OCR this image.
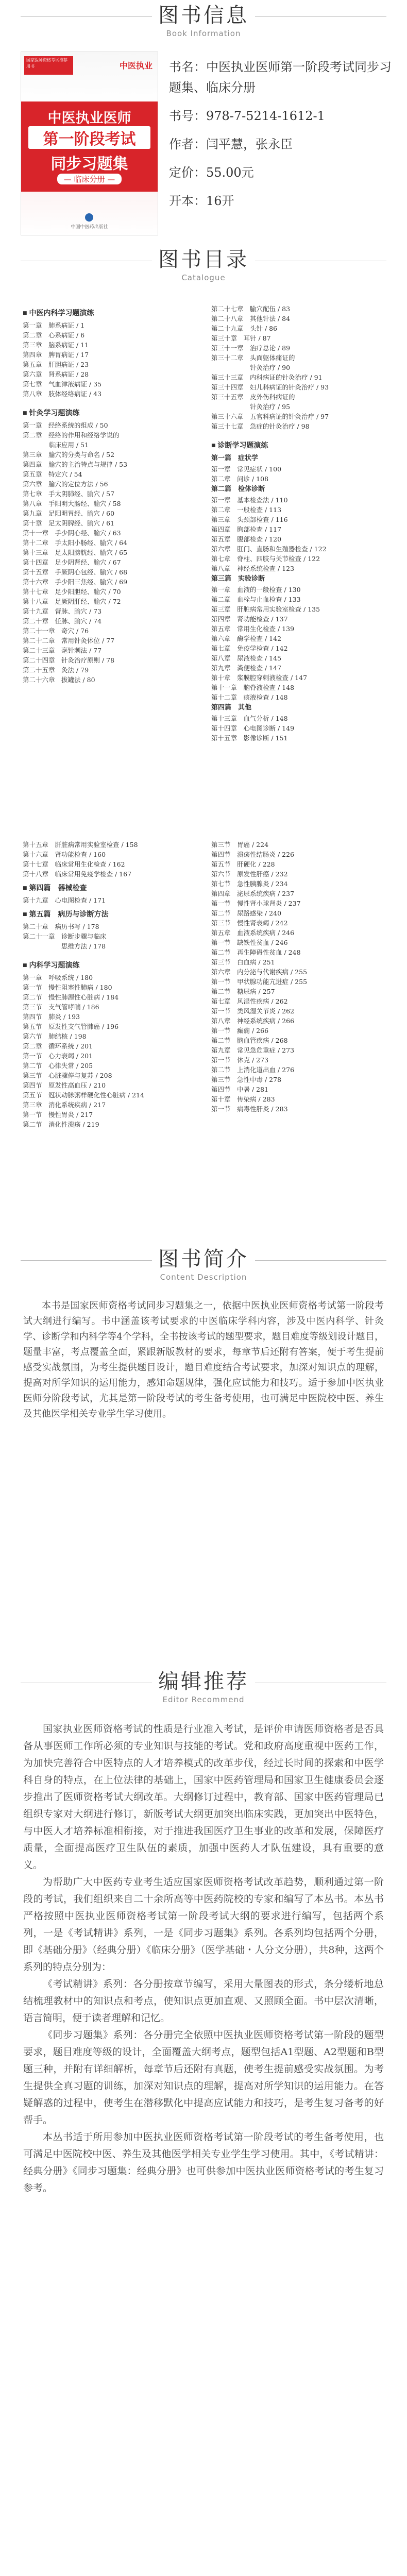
图书信息
Book Information
国家医师资格考试推荐用书	中医执业
中医执业医师
第一阶段考试
同步习题集
— 临床分册 —
中国中医药出版社
书名：中医执业医师第一阶段考试同步习题集、临床分册
书号：978-7-5214-1612-1
作者：闫平慧，张永臣
定价：55.00元
开本：16开
图书目录
Catalogue
■ 中医内科学习题演练
第一章　肺系病证 / 1
第二章　心系病证 / 6
第三章　脑系病证 / 11
第四章　脾胃病证 / 17
第五章　肝胆病证 / 23
第六章　肾系病证 / 28
第七章　气血津液病证 / 35
第八章　肢体经络病证 / 43
■ 针灸学习题演练
第一章　经络系统的组成 / 50
第二章　经络的作用和经络学说的
　　　　临床应用 / 51
第三章　腧穴的分类与命名 / 52
第四章　腧穴的主治特点与规律 / 53
第五章　特定穴 / 54
第六章　腧穴的定位方法 / 56
第七章　手太阴肺经、腧穴 / 57
第八章　手阳明大肠经、腧穴 / 58
第九章　足阳明胃经、腧穴 / 60
第十章　足太阴脾经、腧穴 / 61
第十一章　手少阴心经、腧穴 / 63
第十二章　手太阳小肠经、腧穴 / 64
第十三章　足太阳膀胱经、腧穴 / 65
第十四章　足少阴肾经、腧穴 / 67
第十五章　手厥阴心包经、腧穴 / 68
第十六章　手少阳三焦经、腧穴 / 69
第十七章　足少阳胆经、腧穴 / 70
第十八章　足厥阴肝经、腧穴 / 72
第十九章　督脉、腧穴 / 73
第二十章　任脉、腧穴 / 74
第二十一章　奇穴 / 76
第二十二章　常用针灸体位 / 77
第二十三章　毫针刺法 / 77
第二十四章　针灸治疗原则 / 78
第二十五章　灸法 / 79
第二十六章　拔罐法 / 80
第二十七章　腧穴配伍 / 83
第二十八章　其他针法 / 84
第二十九章　头针 / 86
第三十章　耳针 / 87
第三十一章　治疗总论 / 89
第三十二章　头面躯体痛证的
　　　　　　针灸治疗 / 90
第三十三章　内科病证的针灸治疗 / 91
第三十四章　妇儿科病证的针灸治疗 / 93
第三十五章　皮外伤科病证的
　　　　　　针灸治疗 / 95
第三十六章　五官科病证的针灸治疗 / 97
第三十七章　急症的针灸治疗 / 98
■ 诊断学习题演练
第一篇　症状学
第一章　常见症状 / 100
第二章　问诊 / 108
第二篇　检体诊断
第一章　基本检查法 / 110
第二章　一般检查 / 113
第三章　头颈部检查 / 116
第四章　胸部检查 / 117
第五章　腹部检查 / 120
第六章　肛门、直肠和生殖器检查 / 122
第七章　脊柱、四肢与关节检查 / 122
第八章　神经系统检查 / 123
第三篇　实验诊断
第一章　血液的一般检查 / 130
第二章　血栓与止血检查 / 133
第三章　肝脏病常用实验室检查 / 135
第四章　肾功能检查 / 137
第五章　常用生化检查 / 139
第六章　酶学检查 / 142
第七章　免疫学检查 / 142
第八章　尿液检查 / 145
第九章　粪便检查 / 147
第十章　浆膜腔穿刺液检查 / 147
第十一章　脑脊液检查 / 148
第十二章　痰液检查 / 148
第四篇　其他
第十三章　血气分析 / 148
第十四章　心电图诊断 / 149
第十五章　影像诊断 / 151
第十五章　肝脏病常用实验室检查 / 158
第十六章　肾功能检查 / 160
第十七章　临床常用生化检查 / 162
第十八章　临床常用免疫学检查 / 167
■ 第四篇　器械检查
第十九章　心电图检查 / 171
■ 第五篇　病历与诊断方法
第二十章　病历书写 / 178
第二十一章　诊断步骤与临床
　　　　　　思维方法 / 178
■ 内科学习题演练
第一章　呼吸系统 / 180
第一节　慢性阻塞性肺病 / 180
第二节　慢性肺源性心脏病 / 184
第三节　支气管哮喘 / 186
第四节　肺炎 / 193
第五节　原发性支气管肺癌 / 196
第六节　肺结核 / 198
第二章　循环系统 / 201
第一节　心力衰竭 / 201
第二节　心律失常 / 205
第三节　心脏骤停与复苏 / 208
第四节　原发性高血压 / 210
第五节　冠状动脉粥样硬化性心脏病 / 214
第三章　消化系统疾病 / 217
第一节　慢性胃炎 / 217
第二节　消化性溃疡 / 219
第三节　胃癌 / 224
第四节　溃疡性结肠炎 / 226
第五节　肝硬化 / 228
第六节　原发性肝癌 / 232
第七节　急性胰腺炎 / 234
第四章　泌尿系统疾病 / 237
第一节　慢性肾小球肾炎 / 237
第二节　尿路感染 / 240
第三节　慢性肾衰竭 / 242
第五章　血液系统疾病 / 246
第一节　缺铁性贫血 / 246
第二节　再生障碍性贫血 / 248
第三节　白血病 / 251
第六章　内分泌与代谢疾病 / 255
第一节　甲状腺功能亢进症 / 255
第二节　糖尿病 / 257
第七章　风湿性疾病 / 262
第一节　类风湿关节炎 / 262
第八章　神经系统疾病 / 266
第一节　癫痫 / 266
第二节　脑血管疾病 / 268
第九章　常见急危重症 / 273
第一节　休克 / 273
第二节　上消化道出血 / 276
第三节　急性中毒 / 278
第四节　中暑 / 281
第十章　传染病 / 283
第一节　病毒性肝炎 / 283
图书简介
Content Description

本书是国家医师资格考试同步习题集之一，依据中医执业医师资格考试第一阶段考试大纲进行编写。书中涵盖该考试要求的中医临床学科内容，涉及中医内科学、针灸学、诊断学和内科学等4个学科，全书按该考试的题型要求，题目难度等级划设计题目，题量丰富，考点覆盖全面，紧跟新版教材的要求，每章节后还附有答案，便于考生提前感受实战氛围，为考生提供题目设计，题目难度结合考试要求，加深对知识点的理解，提高对所学知识的运用能力，感知命题规律，强化应试能力和技巧。适于参加中医执业医师分阶段考试，尤其是第一阶段考试的考生备考使用，也可满足中医院校中医、养生及其他医学相关专业学生学习使用。

编辑推荐
Editor Recommend

国家执业医师资格考试的性质是行业准入考试，是评价申请医师资格者是否具备从事医师工作所必须的专业知识与技能的考试。党和政府高度重视中医药工作，为加快完善符合中医特点的人才培养模式的改革步伐，经过长时间的探索和中医学科自身的特点，在上位法律的基础上，国家中医药管理局和国家卫生健康委员会逐步推出了医师资格考试大纲改革。大纲修订过程中，教育部、国家中医药管理局已组织专家对大纲进行修订，新版考试大纲更加突出临床实践，更加突出中医特色，与中医人才培养标准相衔接，对于推进我国医疗卫生事业的改革和发展，保障医疗质量，全面提高医疗卫生队伍的素质，加强中医药人才队伍建设，具有重要的意义。

为帮助广大中医药专业考生适应国家医师资格考试改革趋势，顺利通过第一阶段的考试，我们组织来自二十余所高等中医药院校的专家和编写了本丛书。本丛书严格按照中医执业医师资格考试第一阶段考试大纲的要求进行编写，包括两个系列，一是《考试精讲》系列，一是《同步习题集》系列。各系列均包括两个分册，即《基础分册》（经典分册）《临床分册》（医学基础・人分文分册），共8种，这两个系列的特点分别为：

《考试精讲》系列：各分册按章节编写，采用大量图表的形式，条分缕析地总结梳理教材中的知识点和考点，使知识点更加直观、又照顾全面。书中层次清晰，语言简明，便于读者理解和记忆。

《同步习题集》系列：各分册完全依照中医执业医师资格考试第一阶段的题型要求，题目难度等级的设计，全面覆盖大纲考点，题型包括A1型题、A2型题和B型题三种，并附有详细解析，每章节后还附有真题，使考生提前感受实战氛围。为考生提供全真习题的训练，加深对知识点的理解，提高对所学知识的运用能力。在答疑解惑的过程中，使考生在潜移默化中提高应试能力和技巧，是考生复习备考的好帮手。

本丛书适于所用参加中医执业医师资格考试第一阶段考试的考生备考使用，也可满足中医院校中医、养生及其他医学相关专业学生学习使用。其中，《考试精讲：经典分册》《同步习题集：经典分册》也可供参加中医执业医师资格考试的考生复习参考。
